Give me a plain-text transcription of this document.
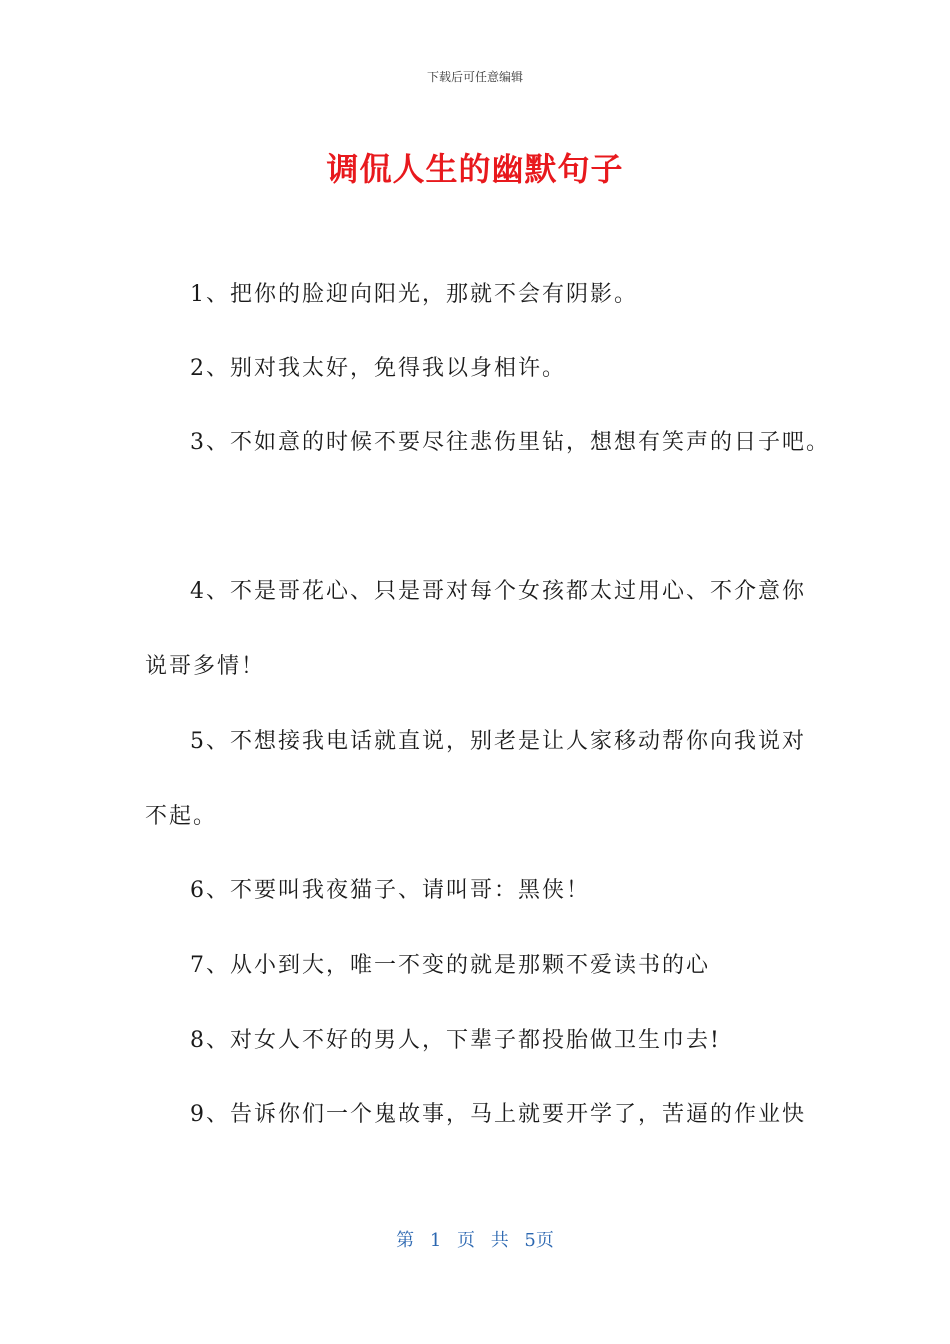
下载后可任意编辑
调侃人生的幽默句子
1、把你的脸迎向阳光，那就不会有阴影。
2、别对我太好，免得我以身相许。
3、不如意的时候不要尽往悲伤里钻，想想有笑声的日子吧。
4、不是哥花心、只是哥对每个女孩都太过用心、不介意你
说哥多情！
5、不想接我电话就直说，别老是让人家移动帮你向我说对
不起。
6、不要叫我夜猫子、请叫哥：黑侠！
7、从小到大，唯一不变的就是那颗不爱读书的心
8、对女人不好的男人，下辈子都投胎做卫生巾去!
9、告诉你们一个鬼故事，马上就要开学了，苦逼的作业快
第 1 页 共 5页
